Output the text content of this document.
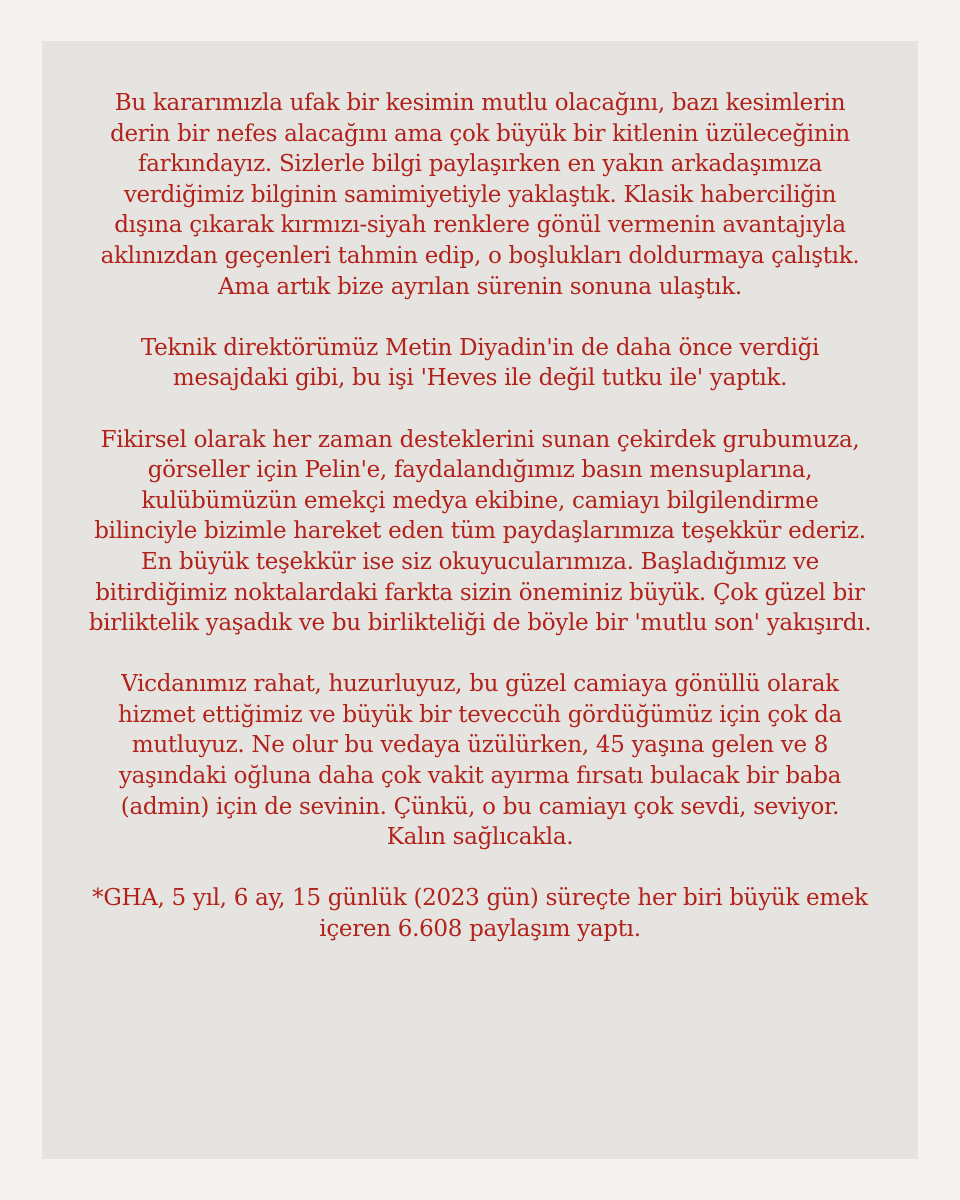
Bu kararımızla ufak bir kesimin mutlu olacağını, bazı kesimlerin
derin bir nefes alacağını ama çok büyük bir kitlenin üzüleceğinin
farkındayız. Sizlerle bilgi paylaşırken en yakın arkadaşımıza
verdiğimiz bilginin samimiyetiyle yaklaştık. Klasik haberciliğin
dışına çıkarak kırmızı-siyah renklere gönül vermenin avantajıyla
aklınızdan geçenleri tahmin edip, o boşlukları doldurmaya çalıştık.
Ama artık bize ayrılan sürenin sonuna ulaştık.

Teknik direktörümüz Metin Diyadin'in de daha önce verdiği
mesajdaki gibi, bu işi 'Heves ile değil tutku ile' yaptık.

Fikirsel olarak her zaman desteklerini sunan çekirdek grubumuza,
görseller için Pelin'e, faydalandığımız basın mensuplarına,
kulübümüzün emekçi medya ekibine, camiayı bilgilendirme
bilinciyle bizimle hareket eden tüm paydaşlarımıza teşekkür ederiz.
En büyük teşekkür ise siz okuyucularımıza. Başladığımız ve
bitirdiğimiz noktalardaki farkta sizin öneminiz büyük. Çok güzel bir
birliktelik yaşadık ve bu birlikteliği de böyle bir 'mutlu son' yakışırdı.

Vicdanımız rahat, huzurluyuz, bu güzel camiaya gönüllü olarak
hizmet ettiğimiz ve büyük bir teveccüh gördüğümüz için çok da
mutluyuz. Ne olur bu vedaya üzülürken, 45 yaşına gelen ve 8
yaşındaki oğluna daha çok vakit ayırma fırsatı bulacak bir baba
(admin) için de sevinin. Çünkü, o bu camiayı çok sevdi, seviyor.
Kalın sağlıcakla.

*GHA, 5 yıl, 6 ay, 15 günlük (2023 gün) süreçte her biri büyük emek
içeren 6.608 paylaşım yaptı.
